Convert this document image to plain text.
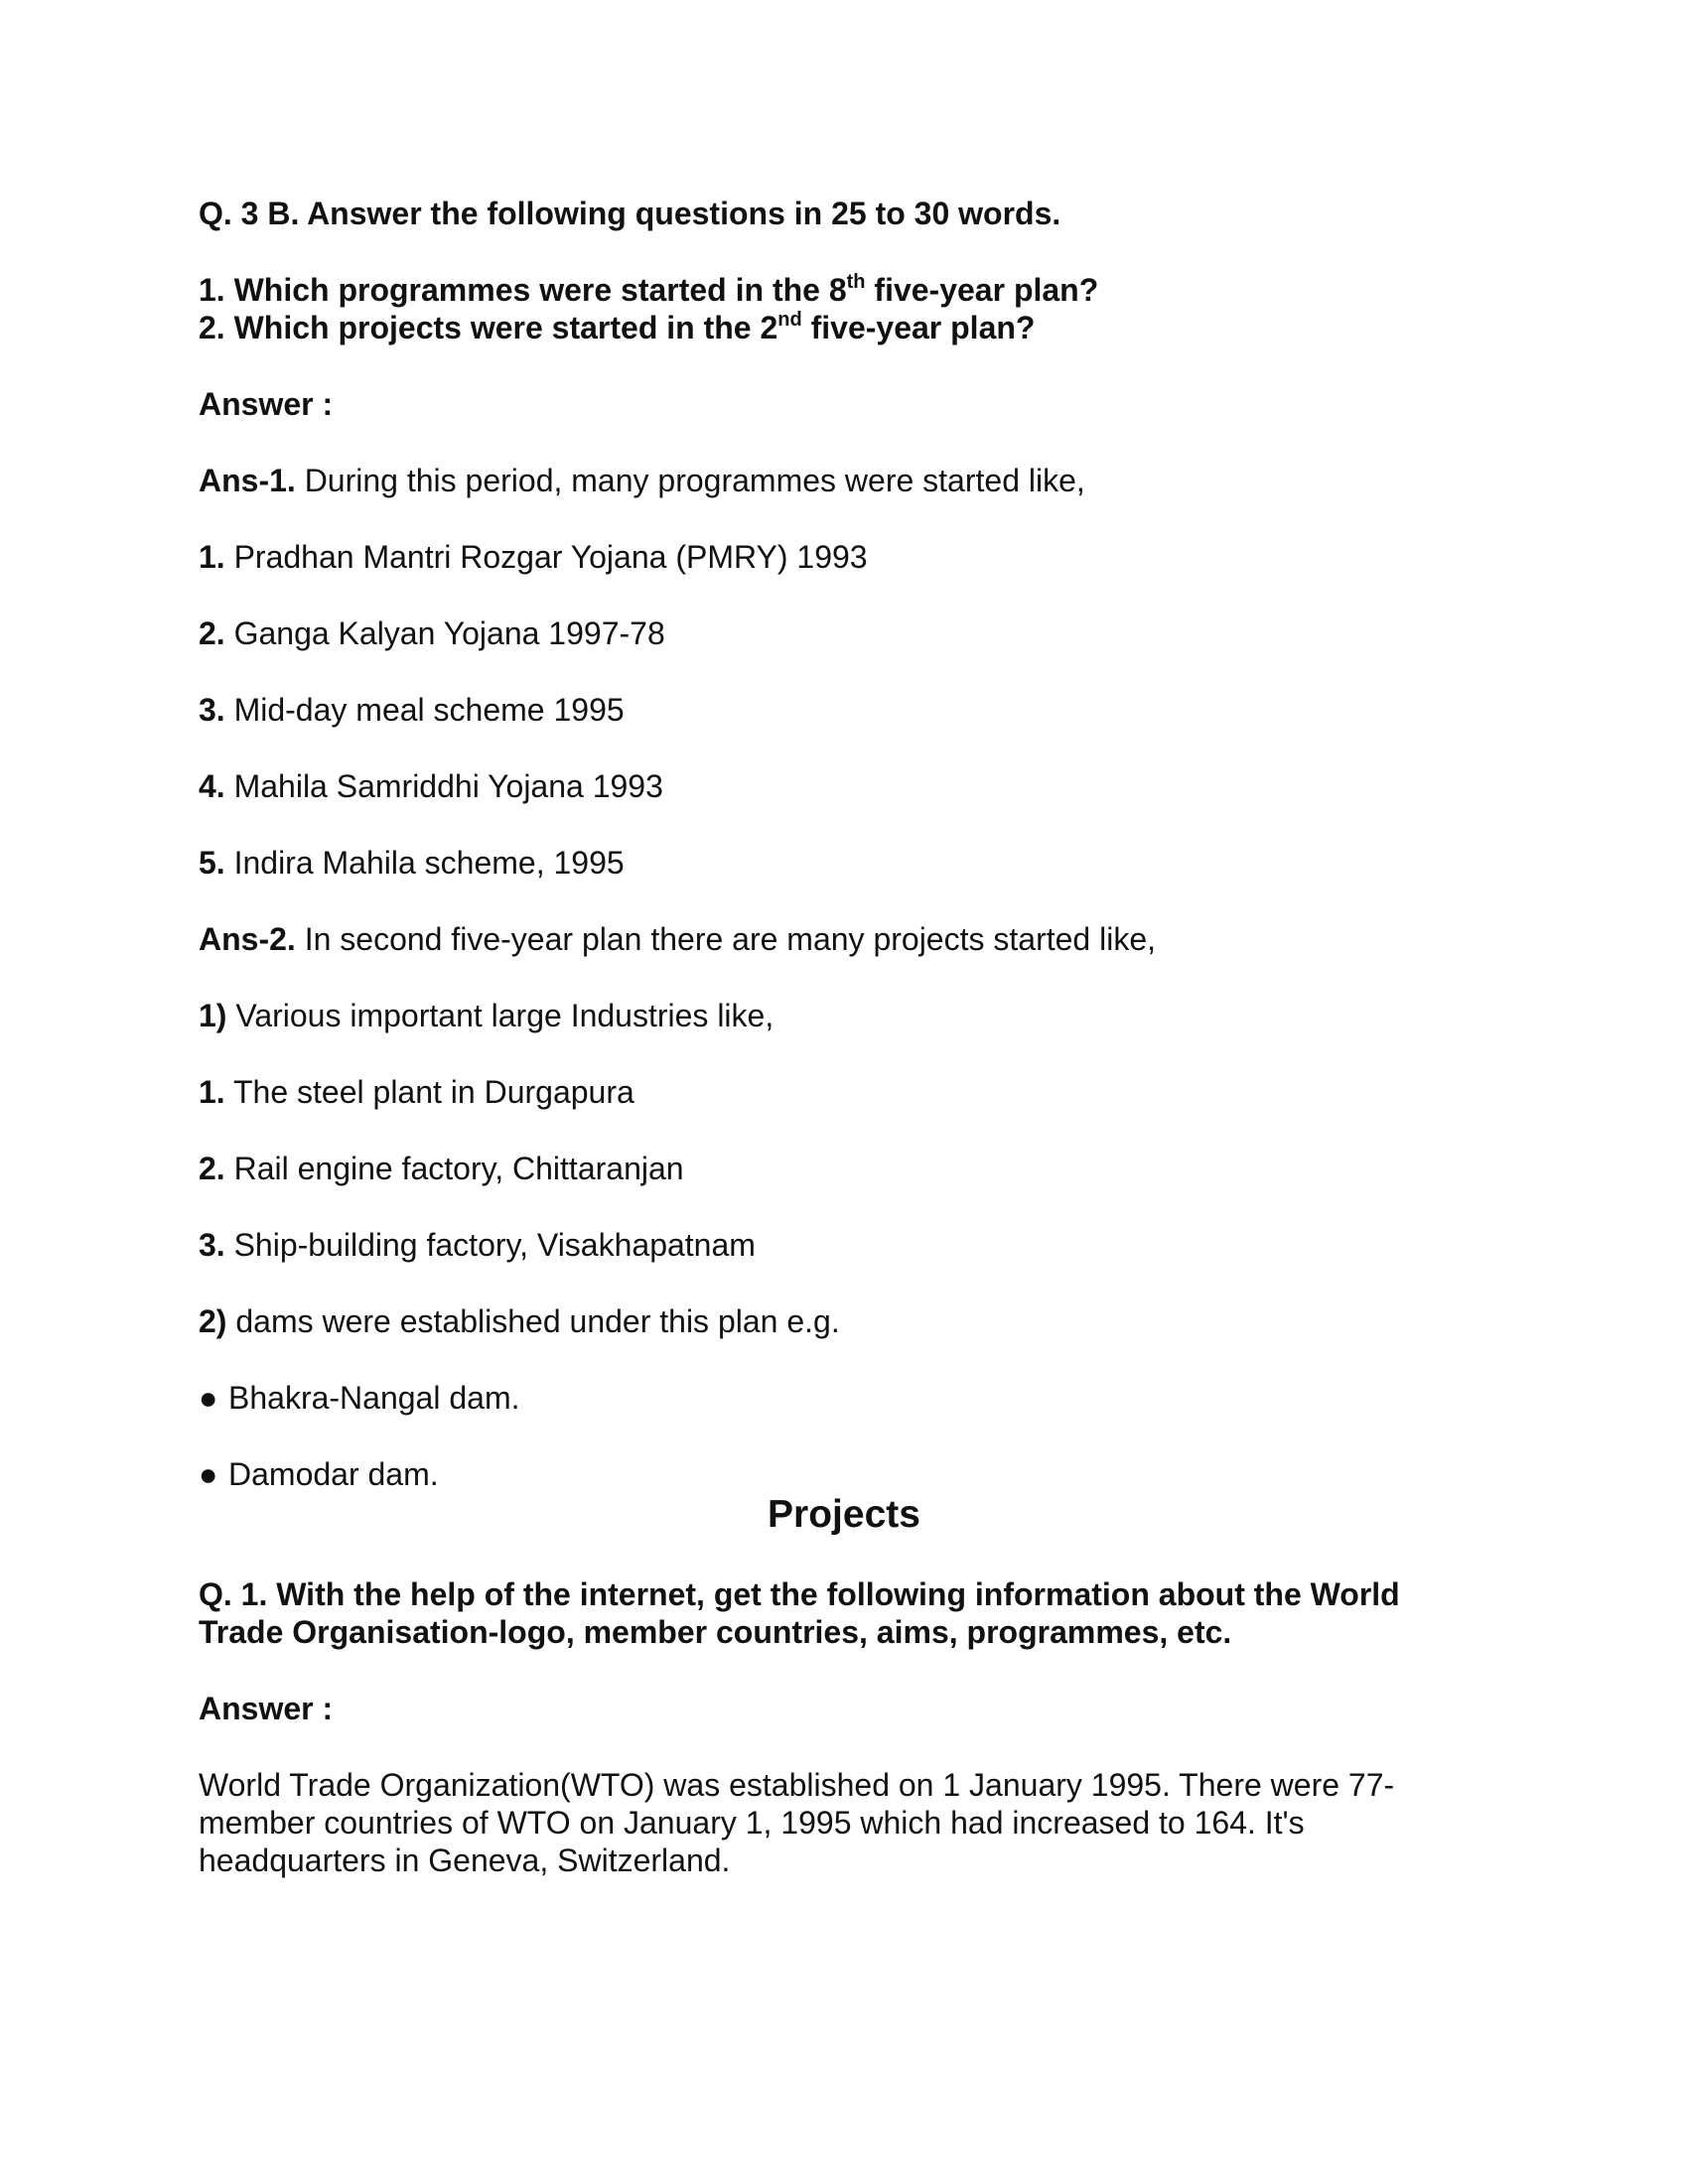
Q. 3 B. Answer the following questions in 25 to 30 words.

1. Which programmes were started in the 8th five-year plan?

2. Which projects were started in the 2nd five-year plan?

Answer :

Ans-1. During this period, many programmes were started like,

1. Pradhan Mantri Rozgar Yojana (PMRY) 1993

2. Ganga Kalyan Yojana 1997-78

3. Mid-day meal scheme 1995

4. Mahila Samriddhi Yojana 1993

5. Indira Mahila scheme, 1995

Ans-2. In second five-year plan there are many projects started like,

1) Various important large Industries like,

1. The steel plant in Durgapura

2. Rail engine factory, Chittaranjan

3. Ship-building factory, Visakhapatnam

2) dams were established under this plan e.g.

● Bhakra-Nangal dam.

● Damodar dam.

Projects

Q. 1. With the help of the internet, get the following information about the World Trade Organisation-logo, member countries, aims, programmes, etc.

Answer :

World Trade Organization(WTO) was established on 1 January 1995. There were 77-member countries of WTO on January 1, 1995 which had increased to 164. It's headquarters in Geneva, Switzerland.
